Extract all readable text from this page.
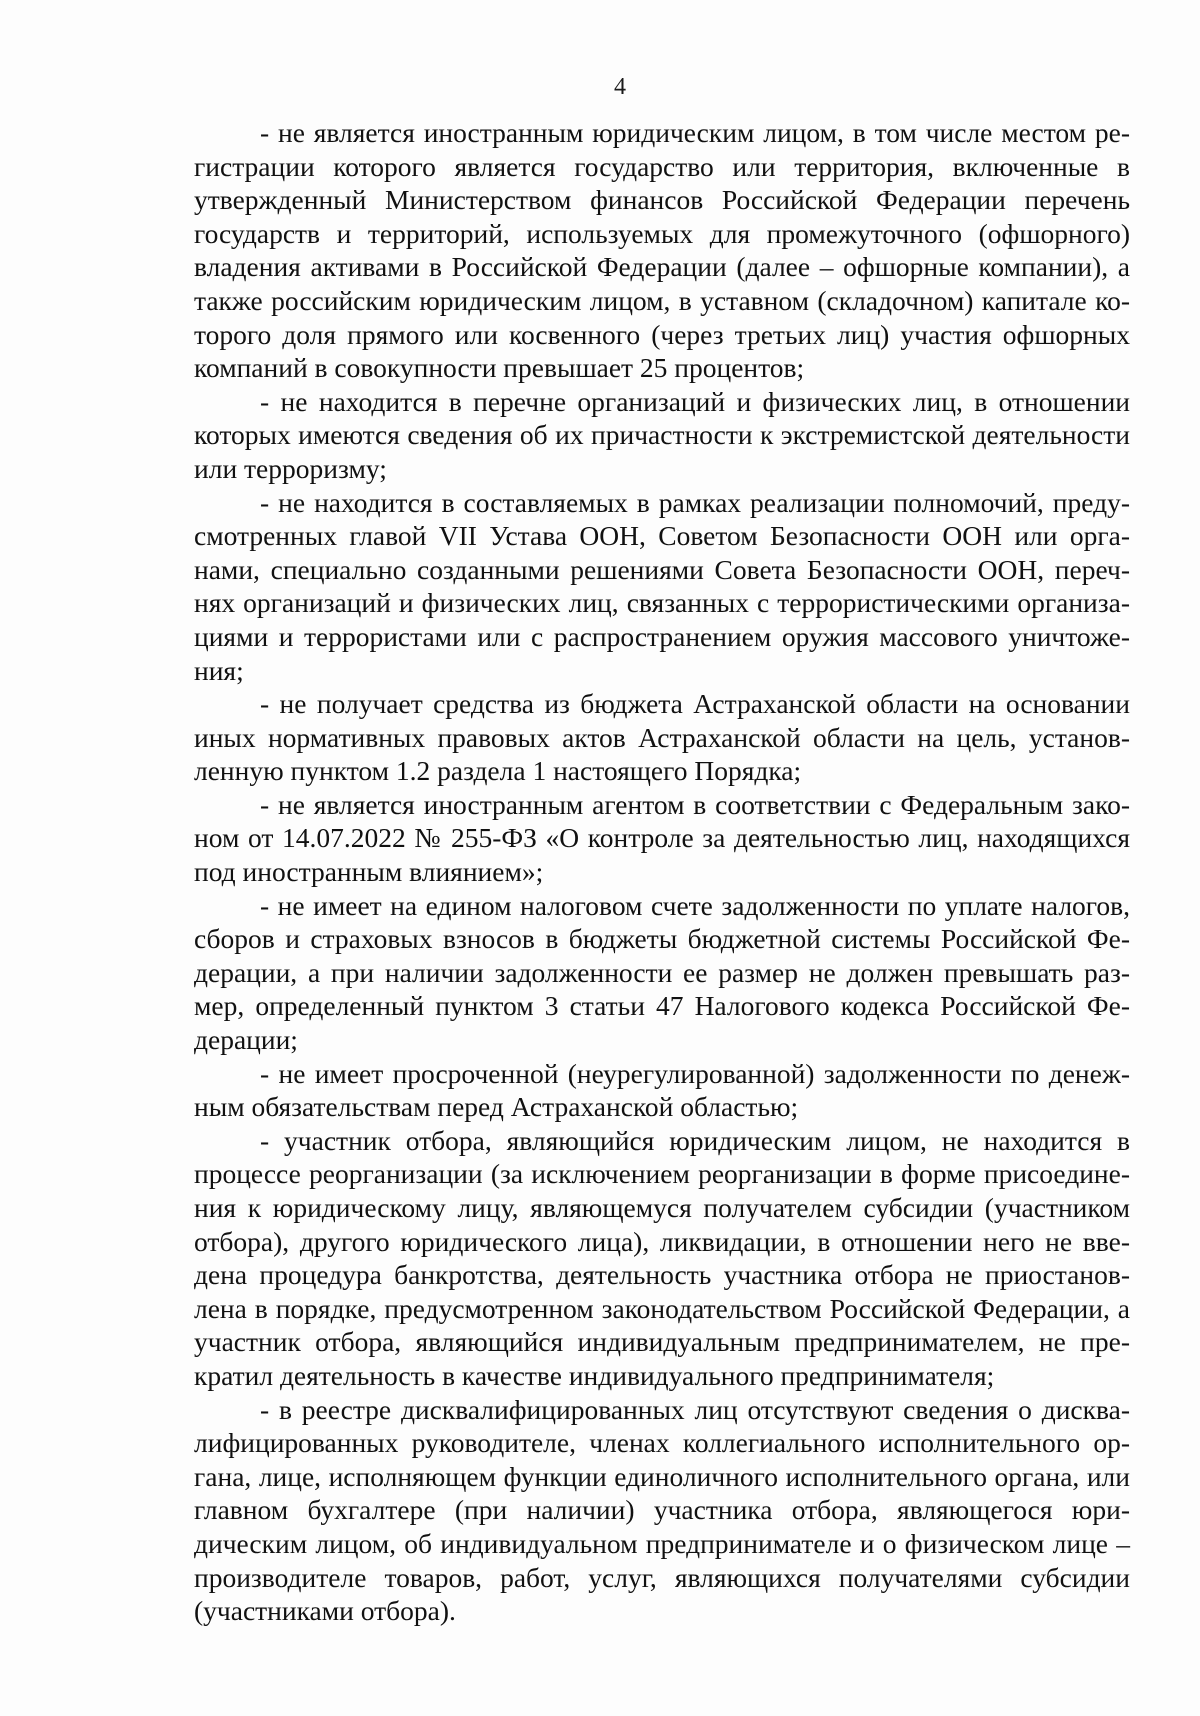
4

- не является иностранным юридическим лицом, в том числе местом регистрации которого является государство или территория, включенные в утвержденный Министерством финансов Российской Федерации перечень государств и территорий, используемых для промежуточного (офшорного) владения активами в Российской Федерации (далее – офшорные компании), а также российским юридическим лицом, в уставном (складочном) капитале которого доля прямого или косвенного (через третьих лиц) участия офшорных компаний в совокупности превышает 25 процентов;

- не находится в перечне организаций и физических лиц, в отношении которых имеются сведения об их причастности к экстремистской деятельности или терроризму;

- не находится в составляемых в рамках реализации полномочий, предусмотренных главой VII Устава ООН, Советом Безопасности ООН или органами, специально созданными решениями Совета Безопасности ООН, перечнях организаций и физических лиц, связанных с террористическими организациями и террористами или с распространением оружия массового уничтожения;

- не получает средства из бюджета Астраханской области на основании иных нормативных правовых актов Астраханской области на цель, установленную пунктом 1.2 раздела 1 настоящего Порядка;

- не является иностранным агентом в соответствии с Федеральным законом от 14.07.2022 № 255-ФЗ «О контроле за деятельностью лиц, находящихся под иностранным влиянием»;

- не имеет на едином налоговом счете задолженности по уплате налогов, сборов и страховых взносов в бюджеты бюджетной системы Российской Федерации, а при наличии задолженности ее размер не должен превышать размер, определенный пунктом 3 статьи 47 Налогового кодекса Российской Федерации;

- не имеет просроченной (неурегулированной) задолженности по денежным обязательствам перед Астраханской областью;

- участник отбора, являющийся юридическим лицом, не находится в процессе реорганизации (за исключением реорганизации в форме присоединения к юридическому лицу, являющемуся получателем субсидии (участником отбора), другого юридического лица), ликвидации, в отношении него не введена процедура банкротства, деятельность участника отбора не приостановлена в порядке, предусмотренном законодательством Российской Федерации, а участник отбора, являющийся индивидуальным предпринимателем, не прекратил деятельность в качестве индивидуального предпринимателя;

- в реестре дисквалифицированных лиц отсутствуют сведения о дисквалифицированных руководителе, членах коллегиального исполнительного органа, лице, исполняющем функции единоличного исполнительного органа, или главном бухгалтере (при наличии) участника отбора, являющегося юридическим лицом, об индивидуальном предпринимателе и о физическом лице – производителе товаров, работ, услуг, являющихся получателями субсидии (участниками отбора).
